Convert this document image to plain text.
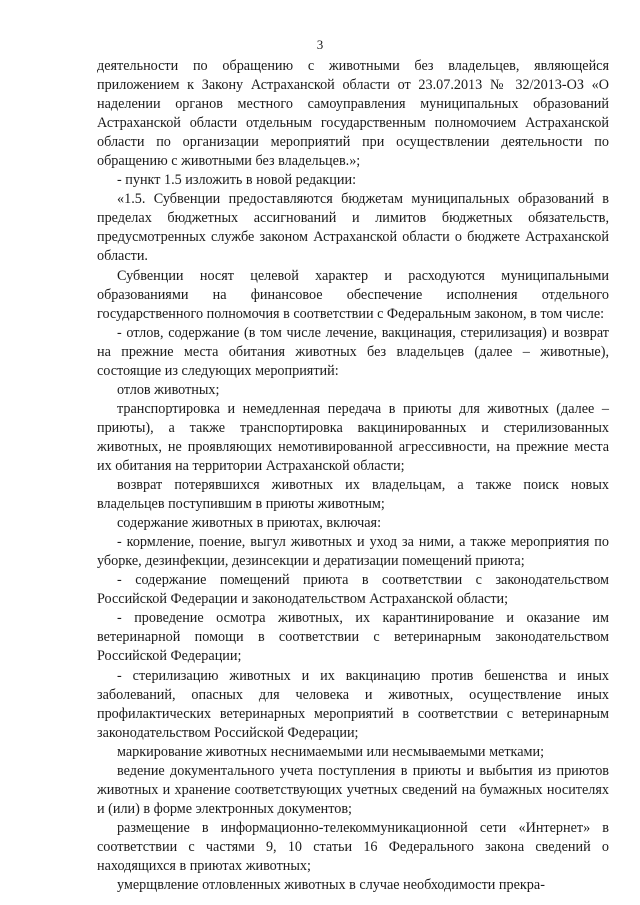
3

деятельности по обращению с животными без владельцев, являющейся приложением к Закону Астраханской области от 23.07.2013 № 32/2013-ОЗ «О наделении органов местного самоуправления муниципальных образований Астраханской области отдельным государственным полномочием Астраханской области по организации мероприятий при осуществлении деятельности по обращению с животными без владельцев.»;

- пункт 1.5 изложить в новой редакции:

«1.5. Субвенции предоставляются бюджетам муниципальных образований в пределах бюджетных ассигнований и лимитов бюджетных обязательств, предусмотренных службе законом Астраханской области о бюджете Астраханской области.

Субвенции носят целевой характер и расходуются муниципальными образованиями на финансовое обеспечение исполнения отдельного государственного полномочия в соответствии с Федеральным законом, в том числе:

- отлов, содержание (в том числе лечение, вакцинация, стерилизация) и возврат на прежние места обитания животных без владельцев (далее – животные), состоящие из следующих мероприятий:

отлов животных;

транспортировка и немедленная передача в приюты для животных (далее – приюты), а также транспортировка вакцинированных и стерилизованных животных, не проявляющих немотивированной агрессивности, на прежние места их обитания на территории Астраханской области;

возврат потерявшихся животных их владельцам, а также поиск новых владельцев поступившим в приюты животным;

содержание животных в приютах, включая:

- кормление, поение, выгул животных и уход за ними, а также мероприятия по уборке, дезинфекции, дезинсекции и дератизации помещений приюта;

- содержание помещений приюта в соответствии с законодательством Российской Федерации и законодательством Астраханской области;

- проведение осмотра животных, их карантинирование и оказание им ветеринарной помощи в соответствии с ветеринарным законодательством Российской Федерации;

- стерилизацию животных и их вакцинацию против бешенства и иных заболеваний, опасных для человека и животных, осуществление иных профилактических ветеринарных мероприятий в соответствии с ветеринарным законодательством Российской Федерации;

маркирование животных неснимаемыми или несмываемыми метками;

ведение документального учета поступления в приюты и выбытия из приютов животных и хранение соответствующих учетных сведений на бумажных носителях и (или) в форме электронных документов;

размещение в информационно-телекоммуникационной сети «Интернет» в соответствии с частями 9, 10 статьи 16 Федерального закона сведений о находящихся в приютах животных;

умерщвление отловленных животных в случае необходимости прекра-
